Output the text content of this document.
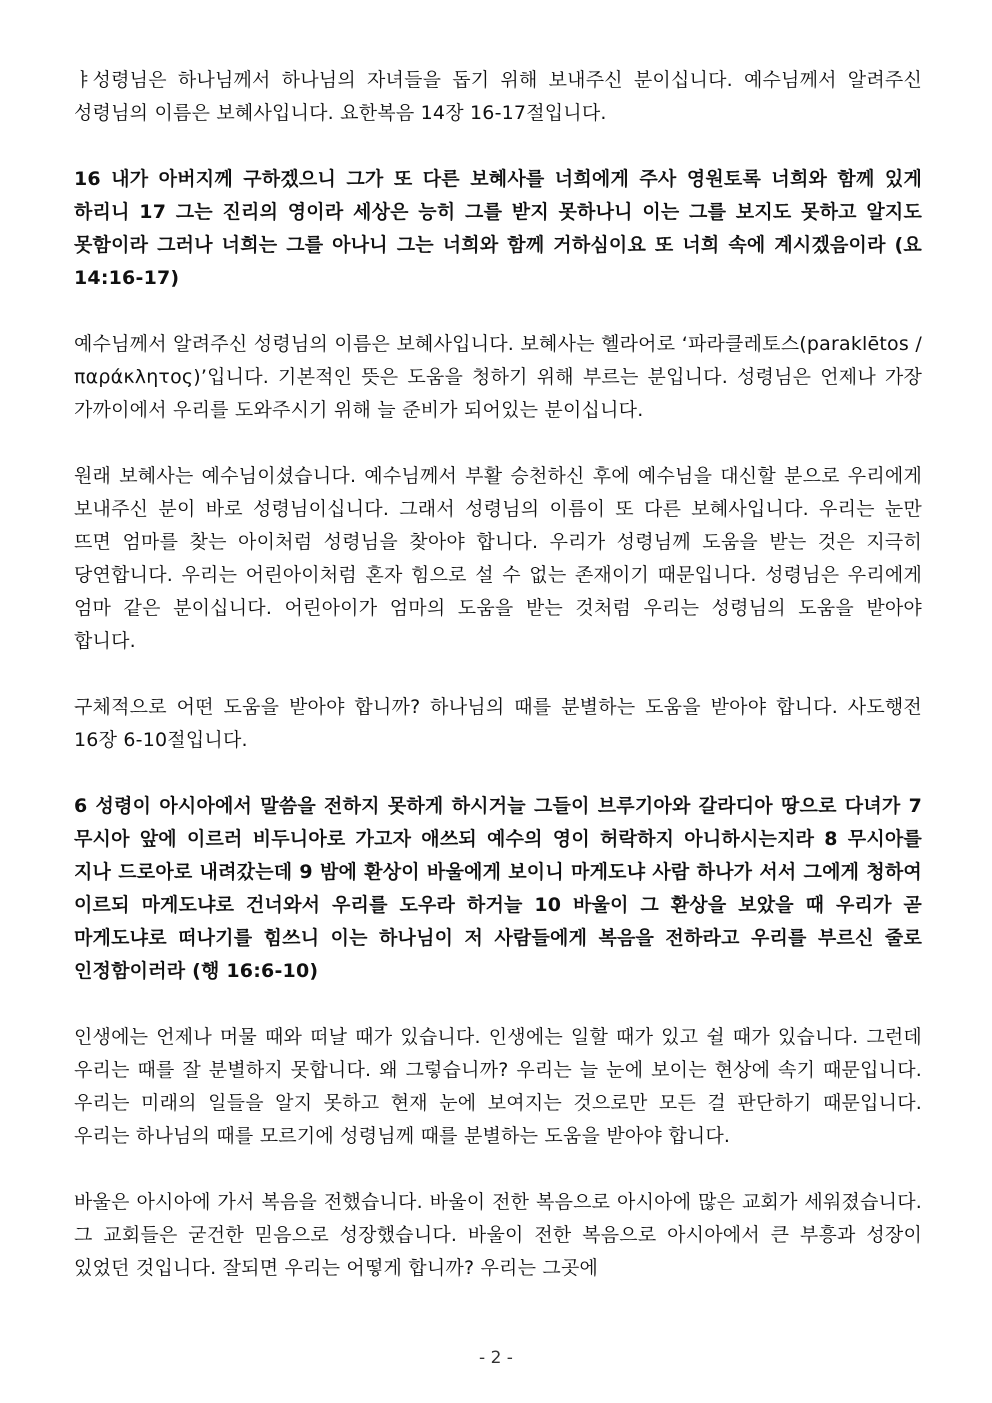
ㅑ성령님은 하나님께서 하나님의 자녀들을 돕기 위해 보내주신 분이십니다. 예수님께서 알려주신 성령님의 이름은 보혜사입니다. 요한복음 14장 16-17절입니다.

16 내가 아버지께 구하겠으니 그가 또 다른 보혜사를 너희에게 주사 영원토록 너희와 함께 있게 하리니 17 그는 진리의 영이라 세상은 능히 그를 받지 못하나니 이는 그를 보지도 못하고 알지도 못함이라 그러나 너희는 그를 아나니 그는 너희와 함께 거하심이요 또 너희 속에 계시겠음이라 (요 14:16-17)

예수님께서 알려주신 성령님의 이름은 보혜사입니다. 보혜사는 헬라어로 ‘파라클레토스(paraklētos / παράκλητος)’입니다. 기본적인 뜻은 도움을 청하기 위해 부르는 분입니다. 성령님은 언제나 가장 가까이에서 우리를 도와주시기 위해 늘 준비가 되어있는 분이십니다.

원래 보혜사는 예수님이셨습니다. 예수님께서 부활 승천하신 후에 예수님을 대신할 분으로 우리에게 보내주신 분이 바로 성령님이십니다. 그래서 성령님의 이름이 또 다른 보혜사입니다. 우리는 눈만 뜨면 엄마를 찾는 아이처럼 성령님을 찾아야 합니다. 우리가 성령님께 도움을 받는 것은 지극히 당연합니다. 우리는 어린아이처럼 혼자 힘으로 설 수 없는 존재이기 때문입니다. 성령님은 우리에게 엄마 같은 분이십니다. 어린아이가 엄마의 도움을 받는 것처럼 우리는 성령님의 도움을 받아야 합니다.

구체적으로 어떤 도움을 받아야 합니까? 하나님의 때를 분별하는 도움을 받아야 합니다. 사도행전 16장 6-10절입니다.

6 성령이 아시아에서 말씀을 전하지 못하게 하시거늘 그들이 브루기아와 갈라디아 땅으로 다녀가 7 무시아 앞에 이르러 비두니아로 가고자 애쓰되 예수의 영이 허락하지 아니하시는지라 8 무시아를 지나 드로아로 내려갔는데 9 밤에 환상이 바울에게 보이니 마게도냐 사람 하나가 서서 그에게 청하여 이르되 마게도냐로 건너와서 우리를 도우라 하거늘 10 바울이 그 환상을 보았을 때 우리가 곧 마게도냐로 떠나기를 힘쓰니 이는 하나님이 저 사람들에게 복음을 전하라고 우리를 부르신 줄로 인정함이러라 (행 16:6-10)

인생에는 언제나 머물 때와 떠날 때가 있습니다. 인생에는 일할 때가 있고 쉴 때가 있습니다. 그런데 우리는 때를 잘 분별하지 못합니다. 왜 그렇습니까? 우리는 늘 눈에 보이는 현상에 속기 때문입니다. 우리는 미래의 일들을 알지 못하고 현재 눈에 보여지는 것으로만 모든 걸 판단하기 때문입니다. 우리는 하나님의 때를 모르기에 성령님께 때를 분별하는 도움을 받아야 합니다.

바울은 아시아에 가서 복음을 전했습니다. 바울이 전한 복음으로 아시아에 많은 교회가 세워졌습니다. 그 교회들은 굳건한 믿음으로 성장했습니다. 바울이 전한 복음으로 아시아에서 큰 부흥과 성장이 있었던 것입니다. 잘되면 우리는 어떻게 합니까? 우리는 그곳에

- 2 -
